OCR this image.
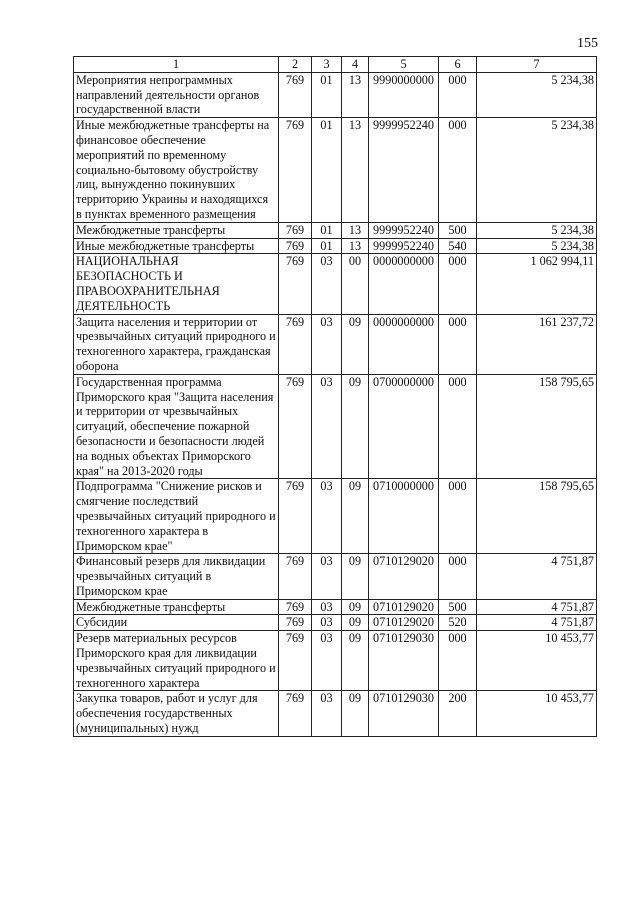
155
1	2	3	4	5	6	7
Мероприятия непрограммных направлений деятельности органов государственной власти	769	01	13	9990000000	000	5 234,38
Иные межбюджетные трансферты на финансовое обеспечение мероприятий по временному социально-бытовому обустройству лиц, вынужденно покинувших территорию Украины и находящихся в пунктах временного размещения	769	01	13	9999952240	000	5 234,38
Межбюджетные трансферты	769	01	13	9999952240	500	5 234,38
Иные межбюджетные трансферты	769	01	13	9999952240	540	5 234,38
НАЦИОНАЛЬНАЯ БЕЗОПАСНОСТЬ И ПРАВООХРАНИТЕЛЬНАЯ ДЕЯТЕЛЬНОСТЬ	769	03	00	0000000000	000	1 062 994,11
Защита населения и территории от чрезвычайных ситуаций природного и техногенного характера, гражданская оборона	769	03	09	0000000000	000	161 237,72
Государственная программа Приморского края "Защита населения и территории от чрезвычайных ситуаций, обеспечение пожарной безопасности и безопасности людей на водных объектах Приморского края" на 2013-2020 годы	769	03	09	0700000000	000	158 795,65
Подпрограмма "Снижение рисков и смягчение последствий чрезвычайных ситуаций природного и техногенного характера в Приморском крае"	769	03	09	0710000000	000	158 795,65
Финансовый резерв для ликвидации чрезвычайных ситуаций в Приморском крае	769	03	09	0710129020	000	4 751,87
Межбюджетные трансферты	769	03	09	0710129020	500	4 751,87
Субсидии	769	03	09	0710129020	520	4 751,87
Резерв материальных ресурсов Приморского края для ликвидации чрезвычайных ситуаций природного и техногенного характера	769	03	09	0710129030	000	10 453,77
Закупка товаров, работ и услуг для обеспечения государственных (муниципальных) нужд	769	03	09	0710129030	200	10 453,77
